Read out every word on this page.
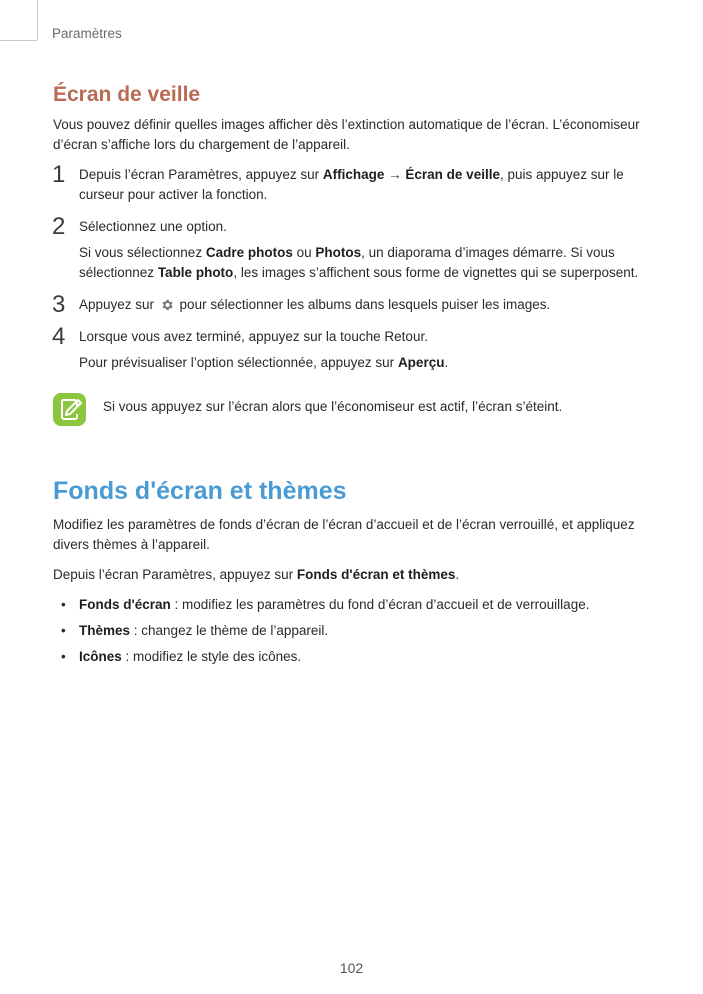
Paramètres
Écran de veille

Vous pouvez définir quelles images afficher dès l’extinction automatique de l’écran. L’économiseur d’écran s’affiche lors du chargement de l’appareil.

1 Depuis l’écran Paramètres, appuyez sur Affichage → Écran de veille, puis appuyez sur le curseur pour activer la fonction.

2 Sélectionnez une option.

Si vous sélectionnez Cadre photos ou Photos, un diaporama d’images démarre. Si vous sélectionnez Table photo, les images s’affichent sous forme de vignettes qui se superposent.

3 Appuyez sur  pour sélectionner les albums dans lesquels puiser les images.

4 Lorsque vous avez terminé, appuyez sur la touche Retour.

Pour prévisualiser l’option sélectionnée, appuyez sur Aperçu.

Si vous appuyez sur l’écran alors que l’économiseur est actif, l’écran s’éteint.

Fonds d'écran et thèmes

Modifiez les paramètres de fonds d’écran de l’écran d’accueil et de l’écran verrouillé, et appliquez divers thèmes à l’appareil.

Depuis l’écran Paramètres, appuyez sur Fonds d'écran et thèmes.

• Fonds d'écran : modifiez les paramètres du fond d’écran d’accueil et de verrouillage.
• Thèmes : changez le thème de l’appareil.
• Icônes : modifiez le style des icônes.
102
